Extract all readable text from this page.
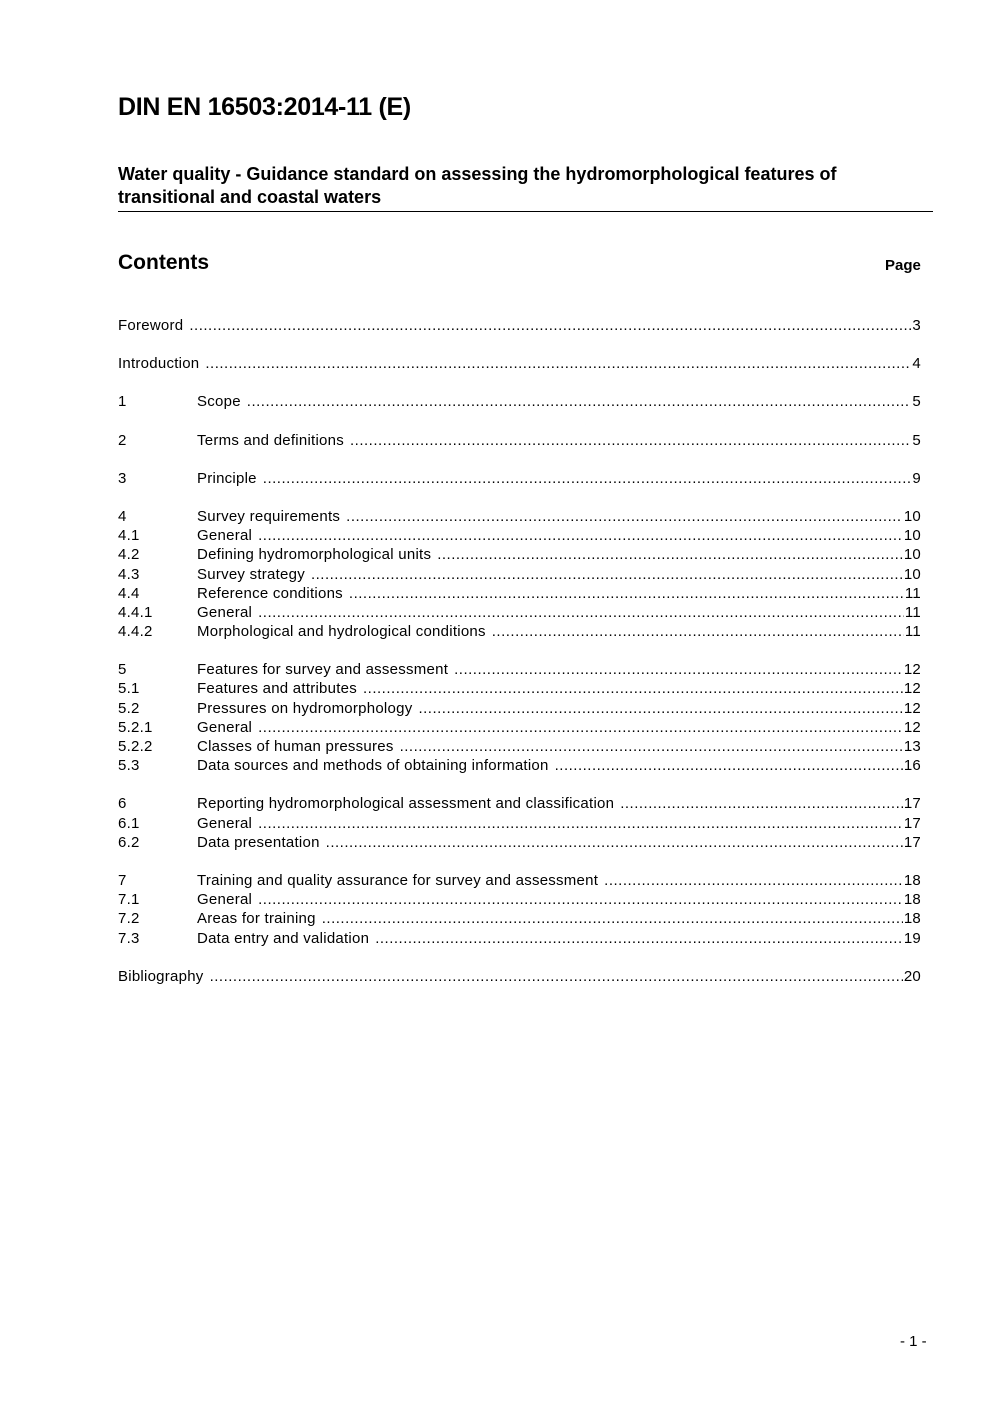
DIN EN 16503:2014-11 (E)
Water quality - Guidance standard on assessing the hydromorphological features of transitional and coastal waters
Contents	Page
Foreword .....	3
Introduction .....	4
1	Scope .....	5
2	Terms and definitions .....	5
3	Principle .....	9
4	Survey requirements .....	10
4.1	General .....	10
4.2	Defining hydromorphological units .....	10
4.3	Survey strategy .....	10
4.4	Reference conditions .....	11
4.4.1	General .....	11
4.4.2	Morphological and hydrological conditions .....	11
5	Features for survey and assessment .....	12
5.1	Features and attributes .....	12
5.2	Pressures on hydromorphology .....	12
5.2.1	General .....	12
5.2.2	Classes of human pressures .....	13
5.3	Data sources and methods of obtaining information .....	16
6	Reporting hydromorphological assessment and classification .....	17
6.1	General .....	17
6.2	Data presentation .....	17
7	Training and quality assurance for survey and assessment .....	18
7.1	General .....	18
7.2	Areas for training .....	18
7.3	Data entry and validation .....	19
Bibliography .....	20
- 1 -
